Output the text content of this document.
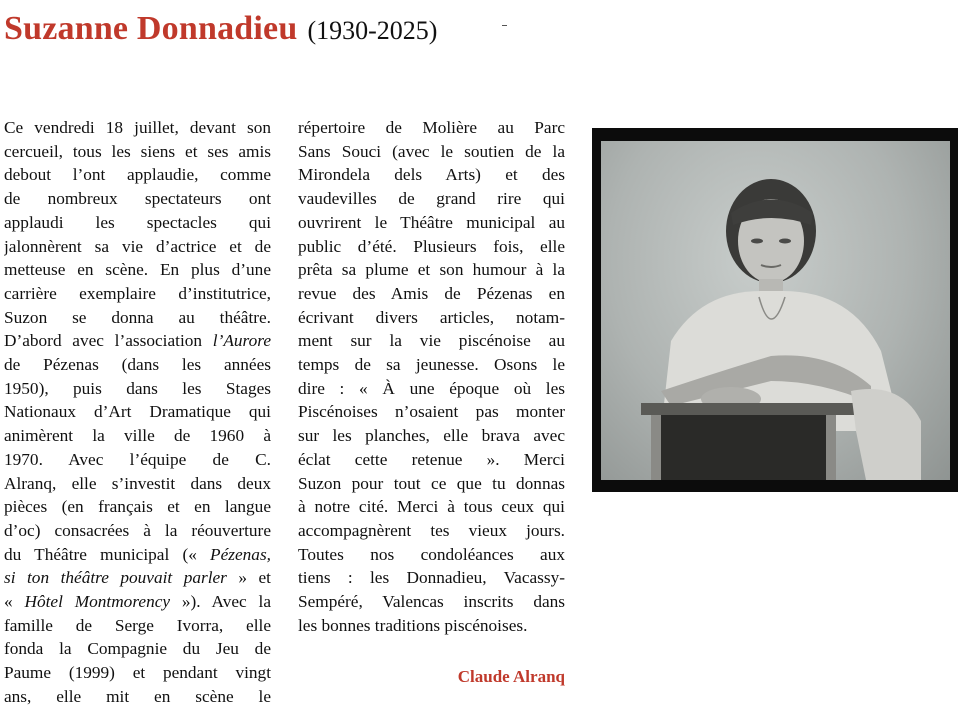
Suzanne Donnadieu (1930-2025)
Ce vendredi 18 juillet, devant son
cercueil, tous les siens et ses amis
debout l’ont applaudie, comme
de nombreux spectateurs ont
applaudi les spectacles qui
jalonnèrent sa vie d’actrice et de
metteuse en scène. En plus d’une
carrière exemplaire d’institutrice,
Suzon se donna au théâtre.
D’abord avec l’association l’Aurore
de Pézenas (dans les années
1950), puis dans les Stages
Nationaux d’Art Dramatique qui
animèrent la ville de 1960 à
1970. Avec l’équipe de C.
Alranq, elle s’investit dans deux
pièces (en français et en langue
d’oc) consacrées à la réouverture
du Théâtre municipal (« Pézenas,
si ton théâtre pouvait parler » et
« Hôtel Montmorency »). Avec la
famille de Serge Ivorra, elle
fonda la Compagnie du Jeu de
Paume (1999) et pendant vingt
ans, elle mit en scène le
répertoire de Molière au Parc
Sans Souci (avec le soutien de la
Mirondela dels Arts) et des
vaudevilles de grand rire qui
ouvrirent le Théâtre municipal au
public d’été. Plusieurs fois, elle
prêta sa plume et son humour à la
revue des Amis de Pézenas en
écrivant divers articles, notam-
ment sur la vie piscénoise au
temps de sa jeunesse. Osons le
dire : « À une époque où les
Piscénoises n’osaient pas monter
sur les planches, elle brava avec
éclat cette retenue ». Merci
Suzon pour tout ce que tu donnas
à notre cité. Merci à tous ceux qui
accompagnèrent tes vieux jours.
Toutes nos condoléances aux
tiens : les Donnadieu, Vacassy-
Sempéré, Valencas inscrits dans
les bonnes traditions piscénoises.
Claude Alranq
